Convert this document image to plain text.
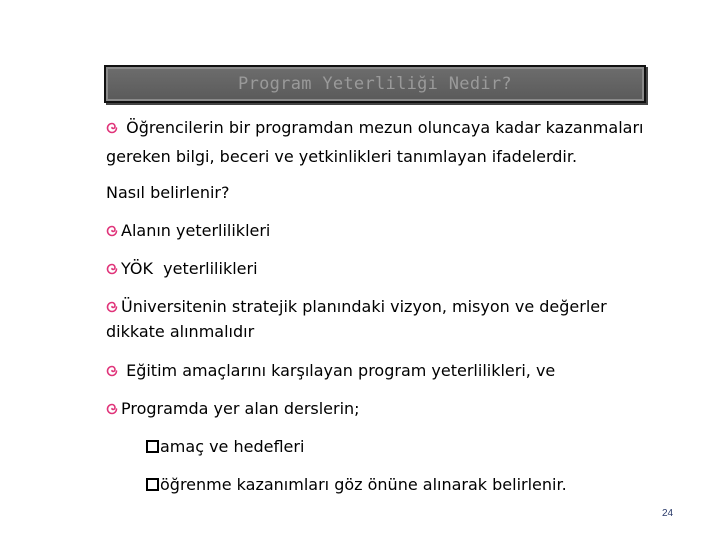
Program Yeterliliği Nedir?
Öğrencilerin bir programdan mezun oluncaya kadar kazanmaları
gereken bilgi, beceri ve yetkinlikleri tanımlayan ifadelerdir.
Nasıl belirlenir?
Alanın yeterlilikleri
YÖK  yeterlilikleri
Üniversitenin stratejik planındaki vizyon, misyon ve değerler
dikkate alınmalıdır
Eğitim amaçlarını karşılayan program yeterlilikleri, ve
Programda yer alan derslerin;
amaç ve hedefleri
öğrenme kazanımları göz önüne alınarak belirlenir.
24
